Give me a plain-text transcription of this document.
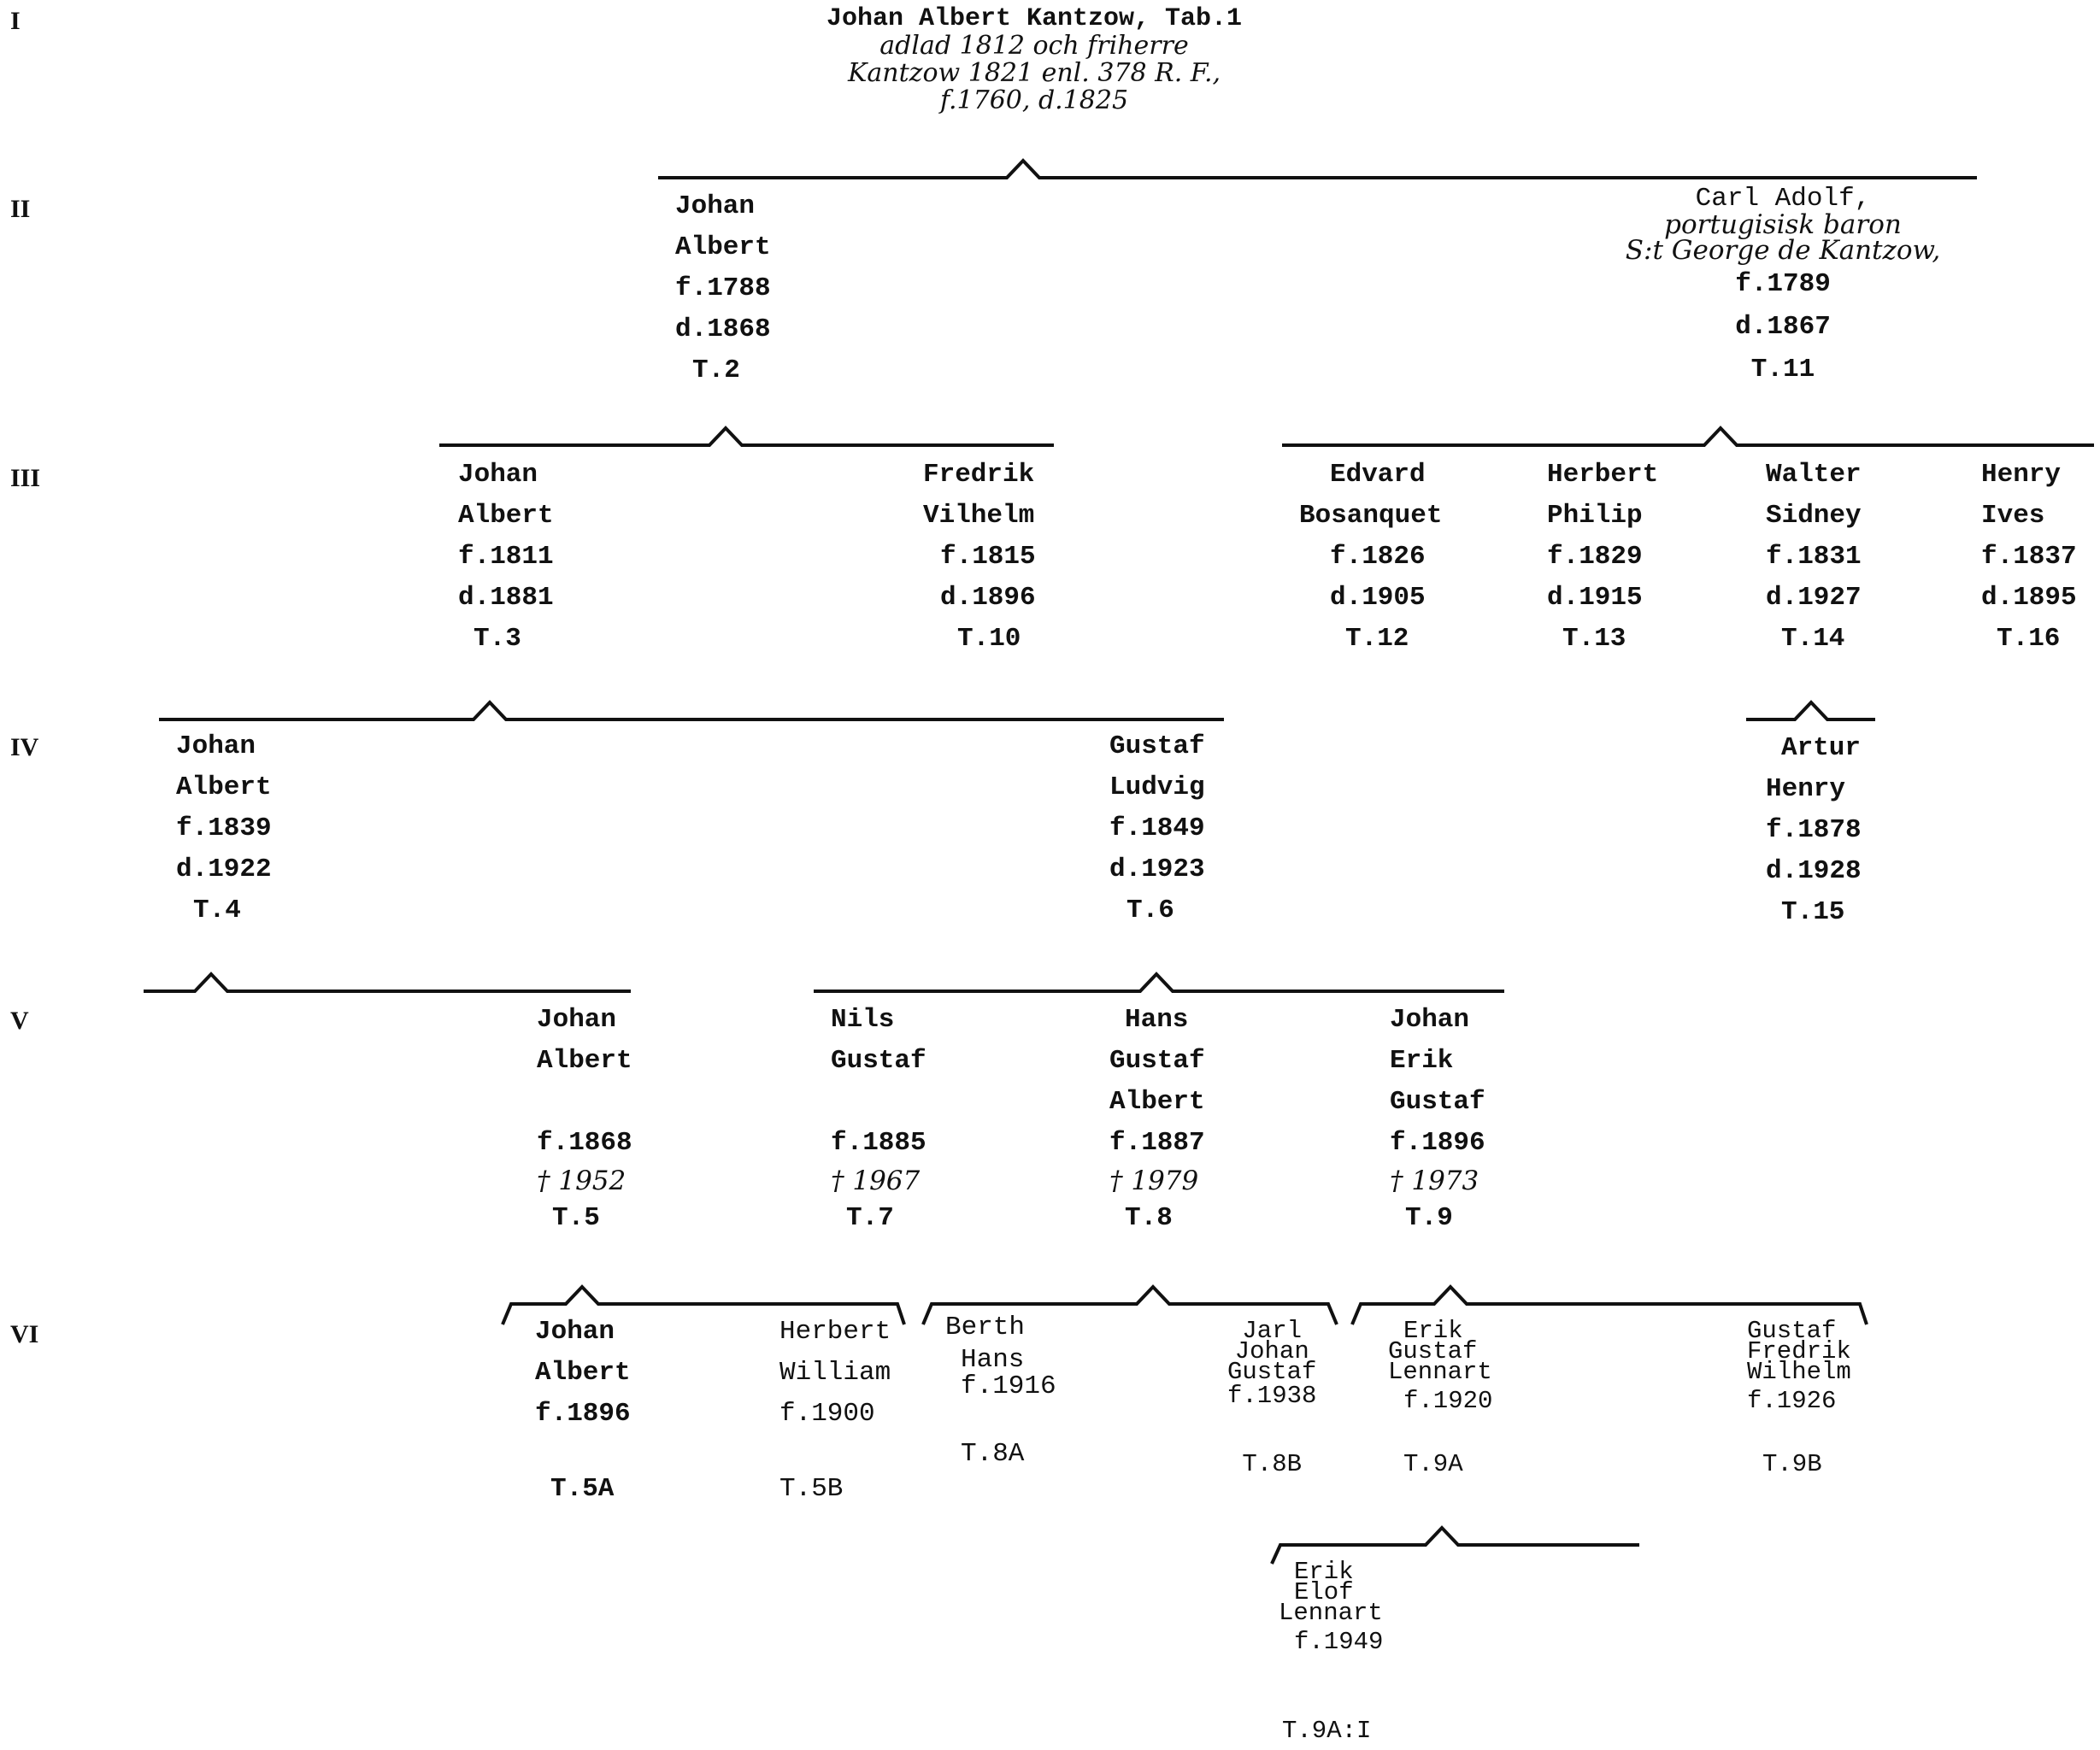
I
II
III
IV
V
VI
Johan Albert Kantzow, Tab.1
adlad 1812 och friherre
Kantzow 1821 enl. 378 R. F.,
f.1760, d.1825
Johan
Albert
f.1788
d.1868
T.2
Carl Adolf,
portugisisk baron
S:t George de Kantzow,
f.1789
d.1867
T.11
Johan
Albert
f.1811
d.1881
T.3
Fredrik
Vilhelm
f.1815
d.1896
T.10
Edvard
Bosanquet
f.1826
d.1905
T.12
Herbert
Philip
f.1829
d.1915
T.13
Walter
Sidney
f.1831
d.1927
T.14
Henry
Ives
f.1837
d.1895
T.16
Johan
Albert
f.1839
d.1922
T.4
Gustaf
Ludvig
f.1849
d.1923
T.6
Artur
Henry
f.1878
d.1928
T.15
Johan
Albert

f.1868
† 1952
T.5
Nils
Gustaf

f.1885
† 1967
T.7
Hans
Gustaf
Albert
f.1887
† 1979
T.8
Johan
Erik
Gustaf
f.1896
† 1973
T.9
Johan
Albert
f.1896
T.5A
Herbert
William
f.1900
T.5B
Berth
Hans
f.1916
T.8A
Jarl
Johan
Gustaf
f.1938
T.8B
Erik
Gustaf
Lennart
f.1920
T.9A
Gustaf
Fredrik
Wilhelm
f.1926
T.9B
Erik
Elof
Lennart
f.1949
T.9A:I
